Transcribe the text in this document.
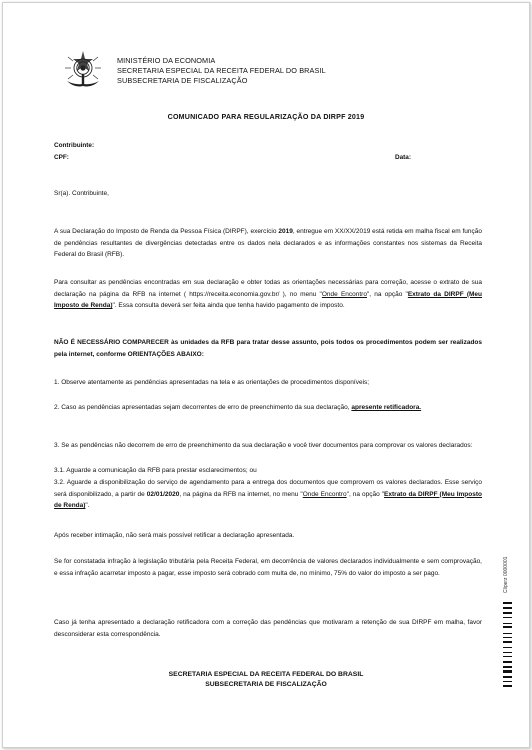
MINISTÉRIO DA ECONOMIA
SECRETARIA ESPECIAL DA RECEITA FEDERAL DO BRASIL
SUBSECRETARIA DE FISCALIZAÇÃO
COMUNICADO PARA REGULARIZAÇÃO DA DIRPF 2019
Contribuinte:
CPF:	Data:
Sr(a). Contribuinte,
A sua Declaração do Imposto de Renda da Pessoa Física (DIRPF), exercício 2019, entregue em XX/XX/2019 está retida em malha fiscal em função de pendências resultantes de divergências detectadas entre os dados nela declarados e as informações constantes nos sistemas da Receita Federal do Brasil (RFB).
Para consultar as pendências encontradas em sua declaração e obter todas as orientações necessárias para correção, acesse o extrato de sua declaração na página da RFB na internet ( https://receita.economia.gov.br/ ), no menu "Onde Encontro", na opção "Extrato da DIRPF (Meu Imposto de Renda)". Essa consulta deverá ser feita ainda que tenha havido pagamento de imposto.
NÃO É NECESSÁRIO COMPARECER às unidades da RFB para tratar desse assunto, pois todos os procedimentos podem ser realizados pela internet, conforme ORIENTAÇÕES ABAIXO:
1. Observe atentamente as pendências apresentadas na tela e as orientações de procedimentos disponíveis;
2. Caso as pendências apresentadas sejam decorrentes de erro de preenchimento da sua declaração, apresente retificadora.
3. Se as pendências não decorrem de erro de preenchimento da sua declaração e você tiver documentos para comprovar os valores declarados:
3.1. Aguarde a comunicação da RFB para prestar esclarecimentos; ou
3.2. Aguarde a disponibilização do serviço de agendamento para a entrega dos documentos que comprovem os valores declarados. Esse serviço será disponibilizado, a partir de 02/01/2020, na página da RFB na internet, no menu "Onde Encontro", na opção "Extrato da DIRPF (Meu Imposto de Renda)".
Após receber intimação, não será mais possível retificar a declaração apresentada.
Se for constatada infração à legislação tributária pela Receita Federal, em decorrência de valores declarados individualmente e sem comprovação, e essa infração acarretar imposto a pagar, esse imposto será cobrado com multa de, no mínimo, 75% do valor do imposto a ser pago.
Caso já tenha apresentado a declaração retificadora com a correção das pendências que motivaram a retenção de sua DIRPF em malha, favor desconsiderar esta correspondência.
SECRETARIA ESPECIAL DA RECEITA FEDERAL DO BRASIL
SUBSECRETARIA DE FISCALIZAÇÃO
Cliperz 0000001
